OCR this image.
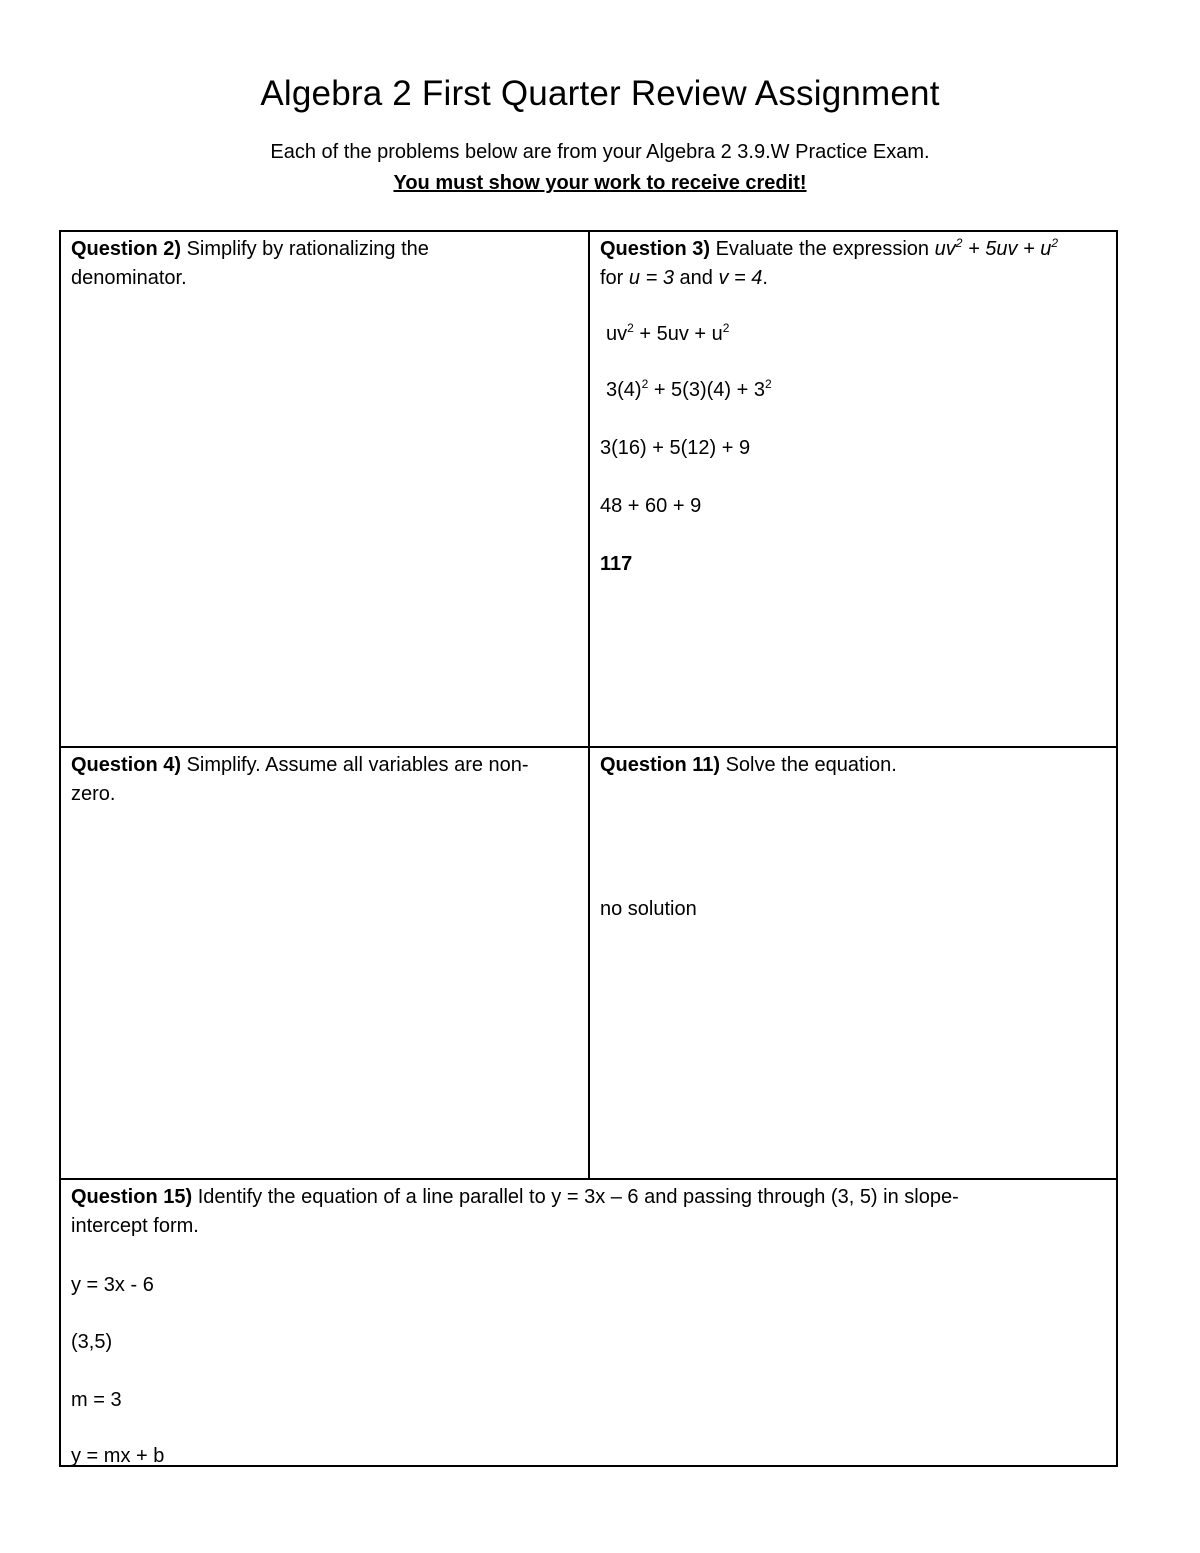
Algebra 2 First Quarter Review Assignment
Each of the problems below are from your Algebra 2 3.9.W Practice Exam.
You must show your work to receive credit!
Question 2) Simplify by rationalizing the denominator.
Question 3) Evaluate the expression $uv^2 + 5uv + u^2$
for u = 3 and v = 4.
$uv^2 + 5uv + u^2$
$3(4)^2 + 5(3)(4) + 3^2$
3(16) + 5(12) + 9
48 + 60 + 9
117
Question 4) Simplify. Assume all variables are non-zero.
Question 11) Solve the equation.
no solution
Question 15) Identify the equation of a line parallel to y = 3x – 6 and passing through (3, 5) in slope-intercept form.
y = 3x - 6
(3,5)
m = 3
y = mx + b
